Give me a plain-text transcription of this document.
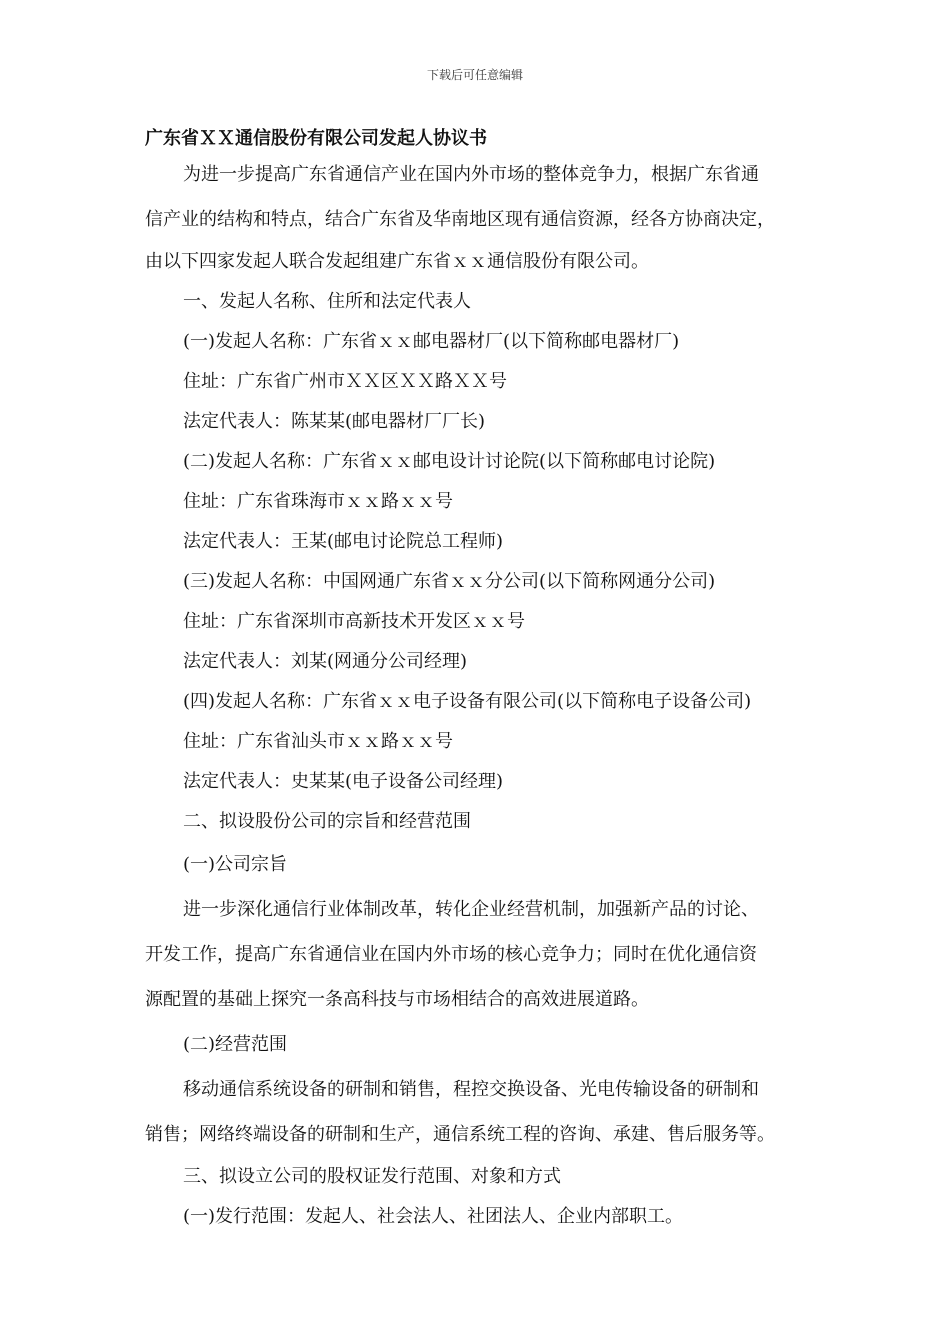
下载后可任意编辑
广东省ＸＸ通信股份有限公司发起人协议书
为进一步提高广东省通信产业在国内外市场的整体竞争力，根据广东省通
信产业的结构和特点，结合广东省及华南地区现有通信资源，经各方协商决定，
由以下四家发起人联合发起组建广东省ｘｘ通信股份有限公司。
一、发起人名称、住所和法定代表人
(一)发起人名称：广东省ｘｘ邮电器材厂(以下简称邮电器材厂)
住址：广东省广州市ＸＸ区ＸＸ路ＸＸ号
法定代表人：陈某某(邮电器材厂厂长)
(二)发起人名称：广东省ｘｘ邮电设计讨论院(以下简称邮电讨论院)
住址：广东省珠海市ｘｘ路ｘｘ号
法定代表人：王某(邮电讨论院总工程师)
(三)发起人名称：中国网通广东省ｘｘ分公司(以下简称网通分公司)
住址：广东省深圳市高新技术开发区ｘｘ号
法定代表人：刘某(网通分公司经理)
(四)发起人名称：广东省ｘｘ电子设备有限公司(以下简称电子设备公司)
住址：广东省汕头市ｘｘ路ｘｘ号
法定代表人：史某某(电子设备公司经理)
二、拟设股份公司的宗旨和经营范围
(一)公司宗旨
进一步深化通信行业体制改革，转化企业经营机制，加强新产品的讨论、
开发工作，提高广东省通信业在国内外市场的核心竞争力；同时在优化通信资
源配置的基础上探究一条高科技与市场相结合的高效进展道路。
(二)经营范围
移动通信系统设备的研制和销售，程控交换设备、光电传输设备的研制和
销售；网络终端设备的研制和生产，通信系统工程的咨询、承建、售后服务等。
三、拟设立公司的股权证发行范围、对象和方式
(一)发行范围：发起人、社会法人、社团法人、企业内部职工。
